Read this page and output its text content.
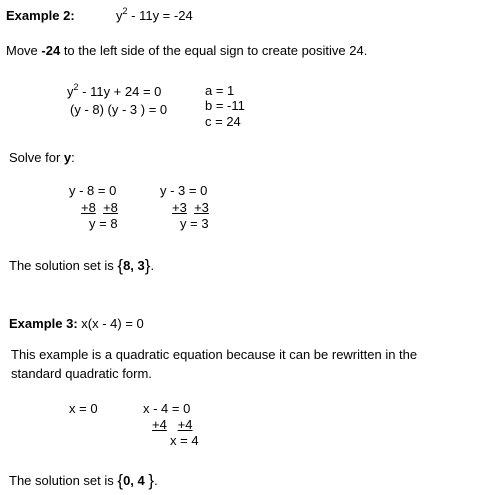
Example 2:	$y^2 - 11y = -24$
Move -24 to the left side of the equal sign to create positive 24.
$y^2 - 11y + 24 = 0$
(y - 8) (y - 3 ) = 0
a = 1
b = -11
c = 24
Solve for y:
y - 8 = 0
+8 +8
y = 8
y - 3 = 0
+3 +3
y = 3
The solution set is {8, 3}.
Example 3: x(x - 4) = 0
This example is a quadratic equation because it can be rewritten in the
standard quadratic form.
x = 0	x - 4 = 0
+4 +4
x = 4
The solution set is {0, 4 }.
